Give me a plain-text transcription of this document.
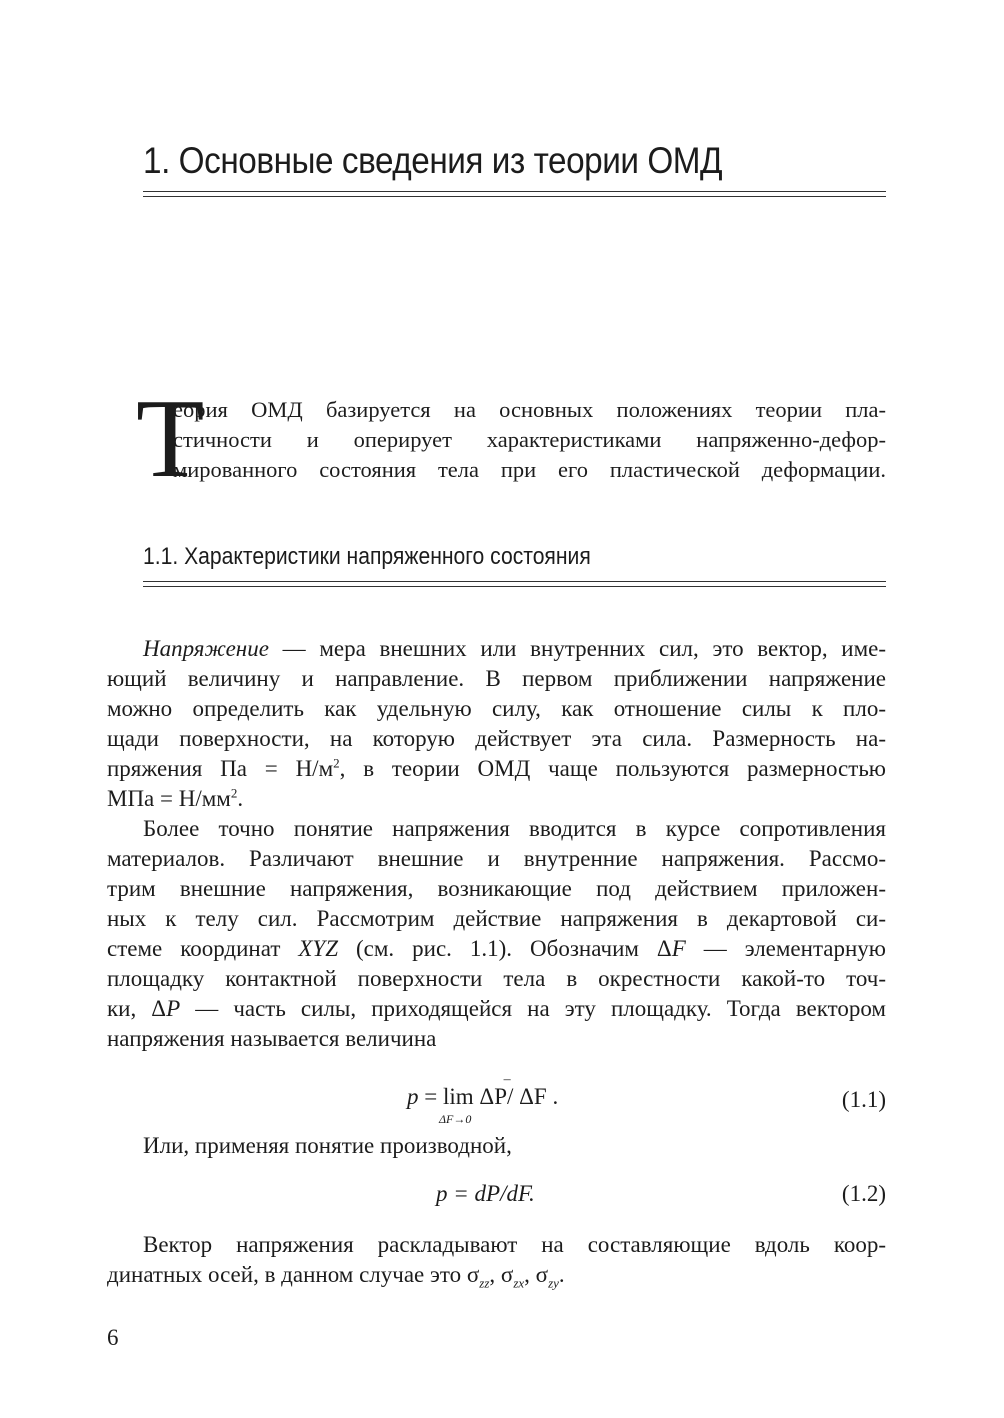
1. Основные сведения из теории ОМД
Т
еория ОМД базируется на основных положениях теории пла-
стичности и оперирует характеристиками напряженно-дефор-
мированного состояния тела при его пластической деформации.
1.1. Характеристики напряженного состояния
Напряжение — мера внешних или внутренних сил, это вектор, име-
ющий величину и направление. В первом приближении напряжение
можно определить как удельную силу, как отношение силы к пло-
щади поверхности, на которую действует эта сила. Размерность на-
пряжения Па = $Н/м^2$, в теории ОМД чаще пользуются размерностью
МПа = $Н/мм^2$.
Более точно понятие напряжения вводится в курсе сопротивления
материалов. Различают внешние и внутренние напряжения. Рассмо-
трим внешние напряжения, возникающие под действием приложен-
ных к телу сил. Рассмотрим действие напряжения в декартовой си-
стеме координат XYZ (см. рис. 1.1). Обозначим ΔF — элементарную
площадку контактной поверхности тела в окрестности какой-то точ-
ки, ΔP — часть силы, приходящейся на эту площадку. Тогда вектором
напряжения называется величина
p = lim
ΔF→0
–
ΔP/ ΔF .	(1.1)
Или, применяя понятие производной,
p = dP/dF.	(1.2)
Вектор напряжения раскладывают на составляющие вдоль коор-
динатных осей, в данном случае это $\sigma_{zz}$, $\sigma_{zx}$, $\sigma_{zy}$.
6
